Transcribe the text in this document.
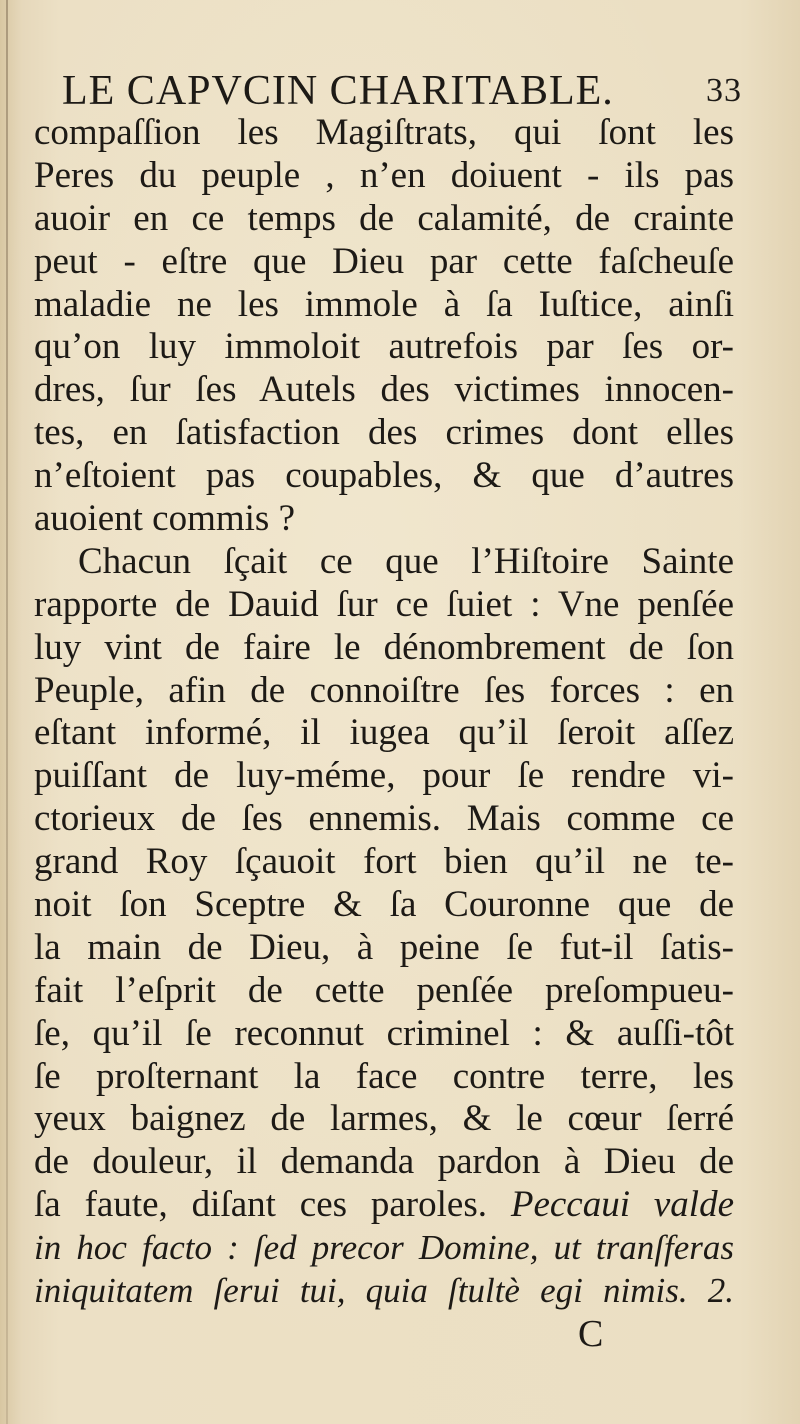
LE CAPVCIN CHARITABLE.	33
compaſſion les Magiſtrats, qui ſont les
Peres du peuple , n’en doiuent - ils pas
auoir en ce temps de calamité, de crainte
peut - eſtre que Dieu par cette faſcheuſe
maladie ne les immole à ſa Iuſtice, ainſi
qu’on luy immoloit autrefois par ſes or-
dres, ſur ſes Autels des victimes innocen-
tes, en ſatisfaction des crimes dont elles
n’eſtoient pas coupables, & que d’autres
auoient commis ?
Chacun ſçait ce que l’Hiſtoire Sainte
rapporte de Dauid ſur ce ſuiet : Vne penſée
luy vint de faire le dénombrement de ſon
Peuple, afin de connoiſtre ſes forces : en
eſtant informé, il iugea qu’il ſeroit aſſez
puiſſant de luy-méme, pour ſe rendre vi-
ctorieux de ſes ennemis. Mais comme ce
grand Roy ſçauoit fort bien qu’il ne te-
noit ſon Sceptre & ſa Couronne que de
la main de Dieu, à peine ſe fut-il ſatis-
fait l’eſprit de cette penſée preſompueu-
ſe, qu’il ſe reconnut criminel : & auſſi-tôt
ſe proſternant la face contre terre, les
yeux baignez de larmes, & le cœur ſerré
de douleur, il demanda pardon à Dieu de
ſa faute, diſant ces paroles. Peccaui valde
in hoc facto : ſed precor Domine, ut tranſferas
iniquitatem ſerui tui, quia ſtultè egi nimis. 2.
C
